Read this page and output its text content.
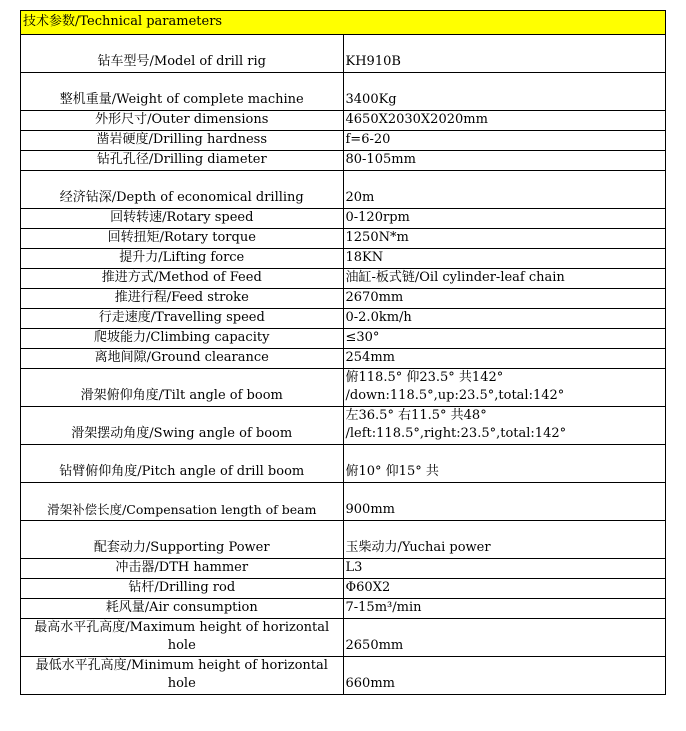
技术参数/Technical parameters	
钻车型号/Model of drill rig	KH910B
整机重量/Weight of complete machine	3400Kg
外形尺寸/Outer dimensions	4650X2030X2020mm
凿岩硬度/Drilling hardness	f=6-20
钻孔孔径/Drilling diameter	80-105mm
经济钻深/Depth of economical drilling	20m
回转转速/Rotary speed	0-120rpm
回转扭矩/Rotary torque	1250N*m
提升力/Lifting force	18KN
推进方式/Method of Feed	油缸-板式链/Oil cylinder-leaf chain
推进行程/Feed stroke	2670mm
行走速度/Travelling speed	0-2.0km/h
爬坡能力/Climbing capacity	≤30°
离地间隙/Ground clearance	254mm
滑架俯仰角度/Tilt angle of boom	俯118.5° 仰23.5° 共142° /down:118.5°,up:23.5°,total:142°
滑架摆动角度/Swing angle of boom	左36.5° 右11.5° 共48° /left:118.5°,right:23.5°,total:142°
钻臂俯仰角度/Pitch angle of drill boom	俯10° 仰15° 共
滑架补偿长度/Compensation length of beam	900mm
配套动力/Supporting Power	玉柴动力/Yuchai power
冲击器/DTH hammer	L3
钻杆/Drilling rod	Φ60X2
耗风量/Air consumption	7-15m³/min
最高水平孔高度/Maximum height of horizontal hole	2650mm
最低水平孔高度/Minimum height of horizontal hole	660mm
